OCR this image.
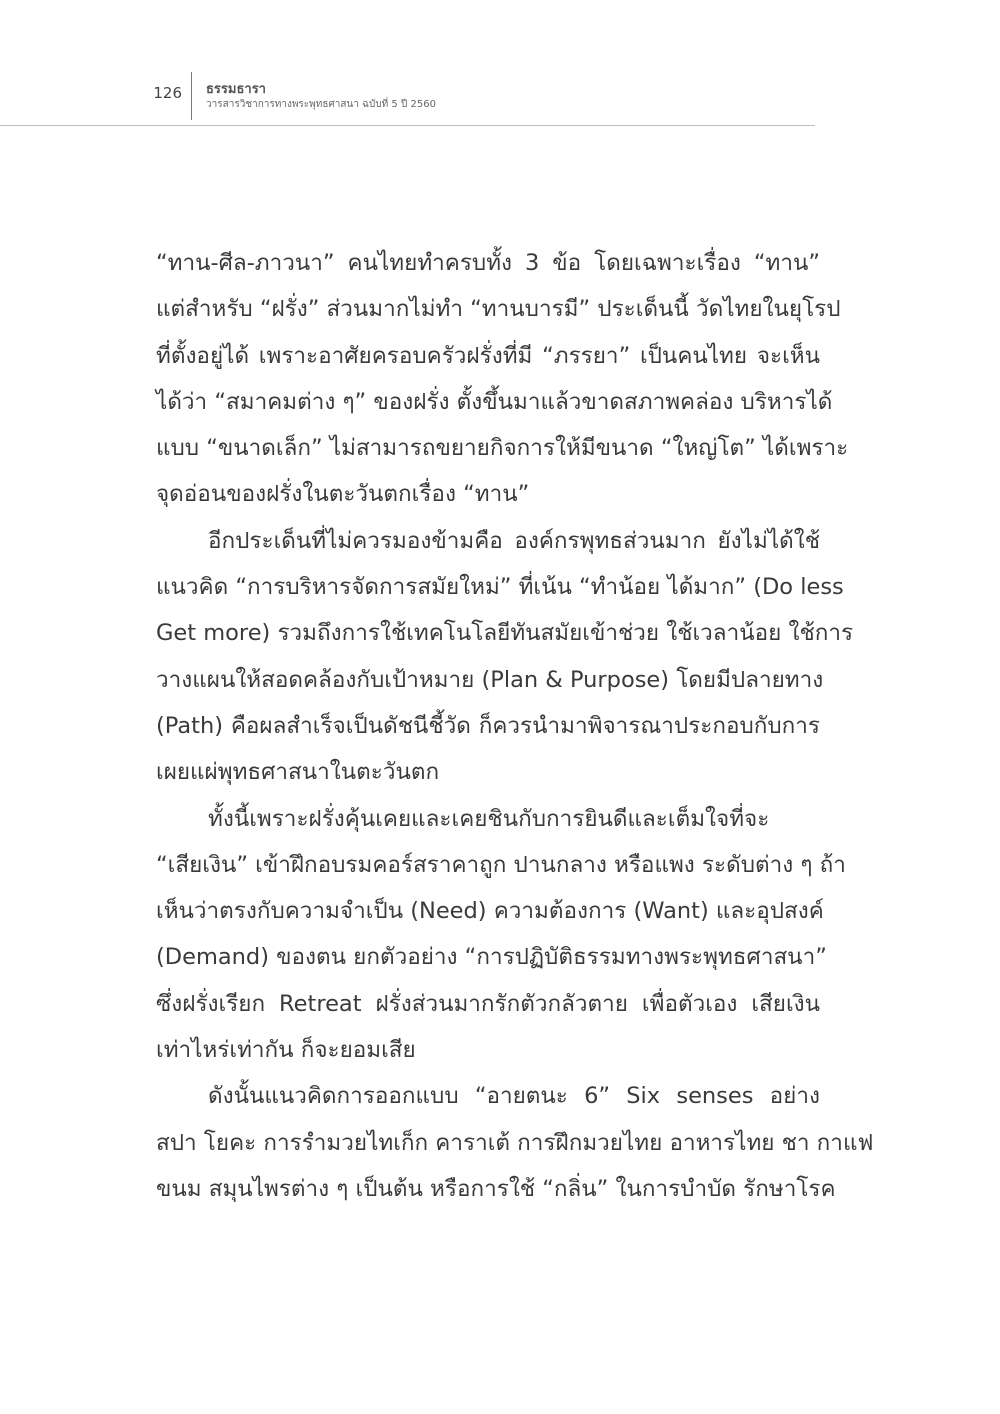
126 ธรรมธารา
วารสารวิชาการทางพระพุทธศาสนา ฉบับที่ 5 ปี 2560
“ทาน-ศีล-ภาวนา” คนไทยทำครบทั้ง 3 ข้อ โดยเฉพาะเรื่อง “ทาน”
แต่สำหรับ “ฝรั่ง” ส่วนมากไม่ทำ “ทานบารมี” ประเด็นนี้ วัดไทยในยุโรป
ที่ตั้งอยู่ได้ เพราะอาศัยครอบครัวฝรั่งที่มี “ภรรยา” เป็นคนไทย จะเห็น
ได้ว่า “สมาคมต่าง ๆ” ของฝรั่ง ตั้งขึ้นมาแล้วขาดสภาพคล่อง บริหารได้
แบบ “ขนาดเล็ก” ไม่สามารถขยายกิจการให้มีขนาด “ใหญ่โต” ได้เพราะ
จุดอ่อนของฝรั่งในตะวันตกเรื่อง “ทาน”
อีกประเด็นที่ไม่ควรมองข้ามคือ องค์กรพุทธส่วนมาก ยังไม่ได้ใช้
แนวคิด “การบริหารจัดการสมัยใหม่” ที่เน้น “ทำน้อย ได้มาก” (Do less
Get more) รวมถึงการใช้เทคโนโลยีทันสมัยเข้าช่วย ใช้เวลาน้อย ใช้การ
วางแผนให้สอดคล้องกับเป้าหมาย (Plan & Purpose) โดยมีปลายทาง
(Path) คือผลสำเร็จเป็นดัชนีชี้วัด ก็ควรนำมาพิจารณาประกอบกับการ
เผยแผ่พุทธศาสนาในตะวันตก
ทั้งนี้เพราะฝรั่งคุ้นเคยและเคยชินกับการยินดีและเต็มใจที่จะ
“เสียเงิน” เข้าฝึกอบรมคอร์สราคาถูก ปานกลาง หรือแพง ระดับต่าง ๆ ถ้า
เห็นว่าตรงกับความจำเป็น (Need) ความต้องการ (Want) และอุปสงค์
(Demand) ของตน ยกตัวอย่าง “การปฏิบัติธรรมทางพระพุทธศาสนา”
ซึ่งฝรั่งเรียก Retreat ฝรั่งส่วนมากรักตัวกลัวตาย เพื่อตัวเอง เสียเงิน
เท่าไหร่เท่ากัน ก็จะยอมเสีย
ดังนั้นแนวคิดการออกแบบ “อายตนะ 6” Six senses อย่าง
สปา โยคะ การรำมวยไทเก็ก คาราเต้ การฝึกมวยไทย อาหารไทย ชา กาแฟ
ขนม สมุนไพรต่าง ๆ เป็นต้น หรือการใช้ “กลิ่น” ในการบำบัด รักษาโรค
